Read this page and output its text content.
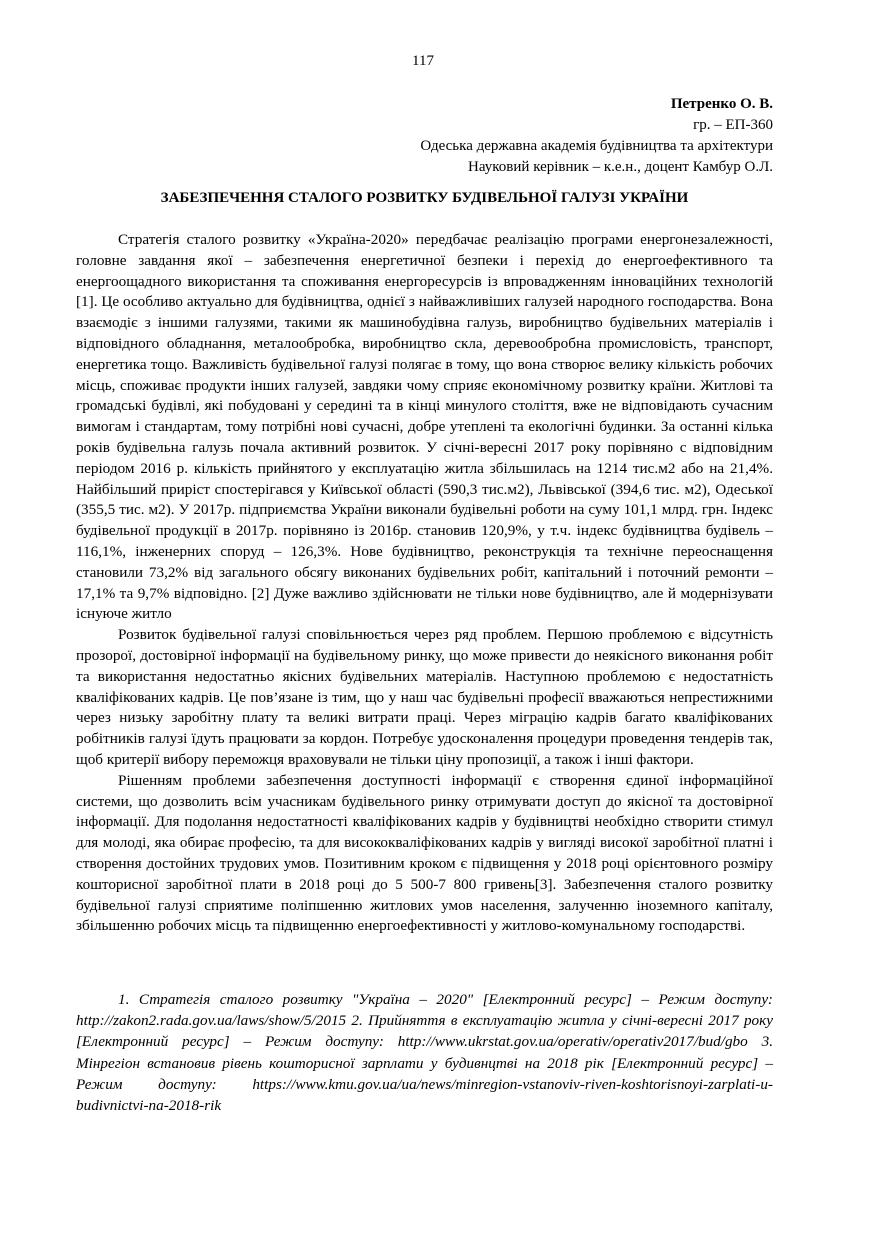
117
Петренко О. В.
гр. – ЕП-360
Одеська державна академія будівництва та архітектури
Науковий керівник – к.е.н., доцент Камбур О.Л.
ЗАБЕЗПЕЧЕННЯ СТАЛОГО РОЗВИТКУ БУДІВЕЛЬНОЇ ГАЛУЗІ УКРАЇНИ

Стратегія сталого розвитку «Україна-2020» передбачає реалізацію програми енергонезалежності, головне завдання якої – забезпечення енергетичної безпеки і перехід до енергоефективного та енергоощадного використання та споживання енергоресурсів із впровадженням інноваційних технологій [1]. Це особливо актуально для будівництва, однієї з найважливіших галузей народного господарства. Вона взаємодіє з іншими галузями, такими як машинобудівна галузь, виробництво будівельних матеріалів і відповідного обладнання, металообробка, виробництво скла, деревообробна промисловість, транспорт, енергетика тощо. Важливість будівельної галузі полягає в тому, що вона створює велику кількість робочих місць, споживає продукти інших галузей, завдяки чому сприяє економічному розвитку країни. Житлові та громадські будівлі, які побудовані у середині та в кінці минулого століття, вже не відповідають сучасним вимогам і стандартам, тому потрібні нові сучасні, добре утеплені та екологічні будинки. За останні кілька років будівельна галузь почала активний розвиток. У січні-вересні 2017 року порівняно с відповідним періодом 2016 р. кількість прийнятого у експлуатацію житла збільшилась на 1214 тис.м2 або на 21,4%. Найбільший приріст спостерігався у Київської області (590,3 тис.м2), Львівської (394,6 тис. м2), Одеської (355,5 тис. м2). У 2017р. підприємства України виконали будівельні роботи на суму 101,1 млрд. грн. Індекс будівельної продукції в 2017р. порівняно із 2016р. становив 120,9%, у т.ч. індекс будівництва будівель – 116,1%, інженерних споруд – 126,3%. Нове будівництво, реконструкція та технічне переоснащення становили 73,2% від загального обсягу виконаних будівельних робіт, капітальний і поточний ремонти – 17,1% та 9,7% відповідно. [2] Дуже важливо здійснювати не тільки нове будівництво, але й модернізувати існуюче житло

Розвиток будівельної галузі сповільнюється через ряд проблем. Першою проблемою є відсутність прозорої, достовірної інформації на будівельному ринку, що може привести до неякісного виконання робіт та використання недостатньо якісних будівельних матеріалів. Наступною проблемою є недостатність кваліфікованих кадрів. Це пов’язане із тим, що у наш час будівельні професії вважаються непрестижними через низьку заробітну плату та великі витрати праці. Через міграцію кадрів багато кваліфікованих робітників галузі їдуть працювати за кордон. Потребує удосконалення процедури проведення тендерів так, щоб критерії вибору переможця враховували не тільки ціну пропозиції, а також і інші фактори.

Рішенням проблеми забезпечення доступності інформації є створення єдиної інформаційної системи, що дозволить всім учасникам будівельного ринку отримувати доступ до якісної та достовірної інформації. Для подолання недостатності кваліфікованих кадрів у будівництві необхідно створити стимул для молоді, яка обирає професію, та для висококваліфікованих кадрів у вигляді високої заробітної платні і створення достойних трудових умов. Позитивним кроком є підвищення у 2018 році орієнтовного розміру кошторисної заробітної плати в 2018 році до 5 500-7 800 гривень[3]. Забезпечення сталого розвитку будівельної галузі сприятиме поліпшенню житлових умов населення, залученню іноземного капіталу, збільшенню робочих місць та підвищенню енергоефективності у житлово-комунальному господарстві.

1. Стратегія сталого розвитку "Україна – 2020" [Електронний ресурс] – Режим доступу: http://zakon2.rada.gov.ua/laws/show/5/2015 2. Прийняття в експлуатацію житла у січні-вересні 2017 року [Електронний ресурс] – Режим доступу: http://www.ukrstat.gov.ua/operativ/operativ2017/bud/gbo 3. Мінрегіон встановив рівень кошторисної зарплати у будивнцтві на 2018 рік [Електронний ресурс] – Режим доступу: https://www.kmu.gov.ua/ua/news/minregion-vstanoviv-riven-koshtorisnoyi-zarplati-u-budivnictvi-na-2018-rik
